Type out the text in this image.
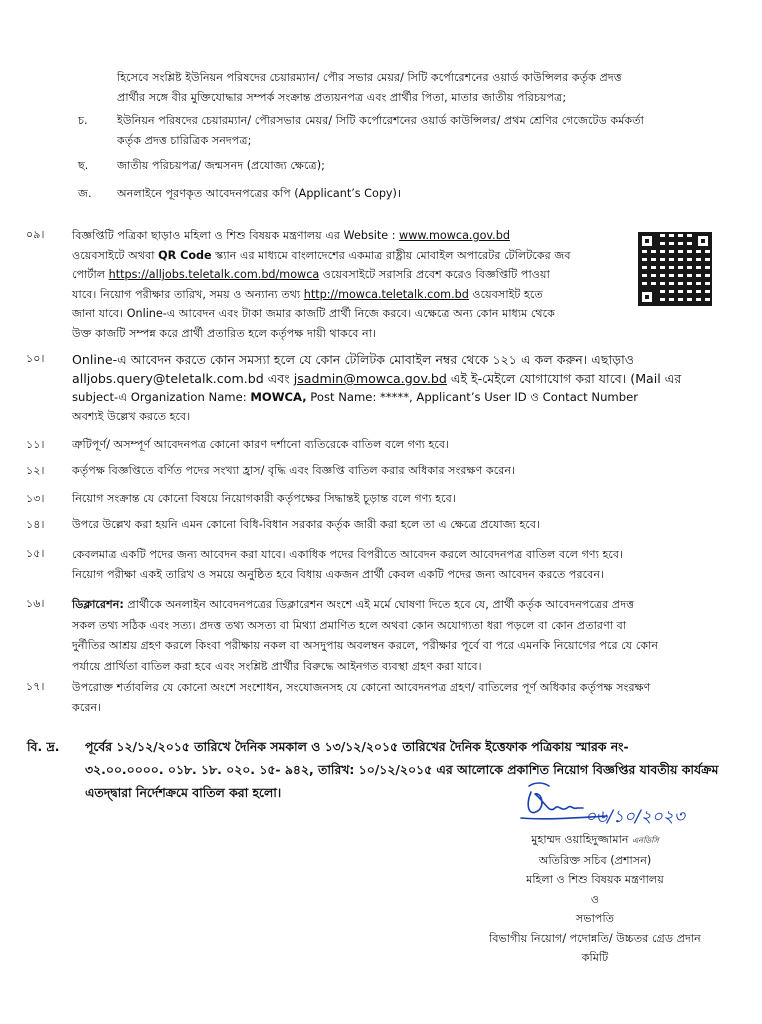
হিসেবে সংশ্লিষ্ট ইউনিয়ন পরিষদের চেয়ারম্যান/ পৌর সভার মেয়র/ সিটি কর্পোরেশনের ওয়ার্ড কাউন্সিলর কর্তৃক প্রদত্ত
প্রার্থীর সঙ্গে বীর মুক্তিযোদ্ধার সম্পর্ক সংক্রান্ত প্রত্যয়নপত্র এবং প্রার্থীর পিতা, মাতার জাতীয় পরিচয়পত্র;
চ.	ইউনিয়ন পরিষদের চেয়ারম্যান/ পৌরসভার মেয়র/ সিটি কর্পোরেশনের ওয়ার্ড কাউন্সিলর/ প্রথম শ্রেণির গেজেটেড কর্মকর্তা
কর্তৃক প্রদত্ত চারিত্রিক সনদপত্র;
ছ.	জাতীয় পরিচয়পত্র/ জন্মসনদ (প্রযোজ্য ক্ষেত্রে);
জ.	অনলাইনে পূরণকৃত আবেদনপত্রের কপি (Applicant’s Copy)।
০৯।	বিজ্ঞপ্তিটি পত্রিকা ছাড়াও মহিলা ও শিশু বিষয়ক মন্ত্রণালয় এর Website : www.mowca.gov.bd
ওয়েবসাইটে অথবা QR Code স্ক্যান এর মাধ্যমে বাংলাদেশের একমাত্র রাষ্ট্রীয় মোবাইল অপারেটর টেলিটকের জব
পোর্টাল https://alljobs.teletalk.com.bd/mowca ওয়েবসাইটে সরাসরি প্রবেশ করেও বিজ্ঞপ্তিটি পাওয়া
যাবে। নিয়োগ পরীক্ষার তারিখ, সময় ও অন্যান্য তথ্য http://mowca.teletalk.com.bd ওয়েবসাইট হতে
জানা যাবে। Online-এ আবেদন এবং টাকা জমার কাজটি প্রার্থী নিজে করবে। এক্ষেত্রে অন্য কোন মাধ্যম থেকে
উক্ত কাজটি সম্পন্ন করে প্রার্থী প্রতারিত হলে কর্তৃপক্ষ দায়ী থাকবে না।
১০।	Online-এ আবেদন করতে কোন সমস্যা হলে যে কোন টেলিটক মোবাইল নম্বর থেকে ১২১ এ কল করুন। এছাড়াও
alljobs.query@teletalk.com.bd এবং jsadmin@mowca.gov.bd এই ই-মেইলে যোগাযোগ করা যাবে। (Mail এর
subject-এ Organization Name: MOWCA, Post Name: *****, Applicant’s User ID ও Contact Number
অবশ্যই উল্লেখ করতে হবে।
১১।	ত্রুটিপূর্ণ/ অসম্পূর্ণ আবেদনপত্র কোনো কারণ দর্শানো ব্যতিরেকে বাতিল বলে গণ্য হবে।
১২।	কর্তৃপক্ষ বিজ্ঞপ্তিতে বর্ণিত পদের সংখ্যা হ্রাস/ বৃদ্ধি এবং বিজ্ঞপ্তি বাতিল করার অধিকার সংরক্ষণ করেন।
১৩।	নিয়োগ সংক্রান্ত যে কোনো বিষয়ে নিয়োগকারী কর্তৃপক্ষের সিদ্ধান্তই চূড়ান্ত বলে গণ্য হবে।
১৪।	উপরে উল্লেখ করা হয়নি এমন কোনো বিধি-বিধান সরকার কর্তৃক জারী করা হলে তা এ ক্ষেত্রে প্রযোজ্য হবে।
১৫।	কেবলমাত্র একটি পদের জন্য আবেদন করা যাবে। একাধিক পদের বিপরীতে আবেদন করলে আবেদনপত্র বাতিল বলে গণ্য হবে।
নিয়োগ পরীক্ষা একই তারিখ ও সময়ে অনুষ্ঠিত হবে বিধায় একজন প্রার্থী কেবল একটি পদের জন্য আবেদন করতে পরবেন।
১৬।	ডিক্লারেশন: প্রার্থীকে অনলাইন আবেদনপত্রের ডিক্লারেশন অংশে এই মর্মে ঘোষণা দিতে হবে যে, প্রার্থী কর্তৃক আবেদনপত্রের প্রদত্ত
সকল তথ্য সঠিক এবং সত্য। প্রদত্ত তথ্য অসত্য বা মিথ্যা প্রমাণিত হলে অথবা কোন অযোগ্যতা ধরা পড়লে বা কোন প্রতারণা বা
দুর্নীতির আশ্রয় গ্রহণ করলে কিংবা পরীক্ষায় নকল বা অসদুপায় অবলম্বন করলে, পরীক্ষার পূর্বে বা পরে এমনকি নিয়োগের পরে যে কোন
পর্যায়ে প্রার্থিতা বাতিল করা হবে এবং সংশ্লিষ্ট প্রার্থীর বিরুদ্ধে আইনগত ব্যবস্থা গ্রহণ করা যাবে।
১৭।	উপরোক্ত শর্তাবলির যে কোনো অংশে সংশোধন, সংযোজনসহ যে কোনো আবেদনপত্র গ্রহণ/ বাতিলের পূর্ণ অধিকার কর্তৃপক্ষ সংরক্ষণ
করেন।
বি. দ্র.	পূর্বের ১২/১২/২০১৫ তারিখে দৈনিক সমকাল ও ১৩/১২/২০১৫ তারিখের দৈনিক ইত্তেফাক পত্রিকায় স্মারক নং-
৩২.০০.০০০০. ০১৮. ১৮. ০২০. ১৫- ৯৪২, তারিখ: ১০/১২/২০১৫ এর আলোকে প্রকাশিত নিয়োগ বিজ্ঞপ্তির যাবতীয় কার্যক্রম
এতদ্দ্বারা নির্দেশক্রমে বাতিল করা হলো।
০৬/১০/২০২৩
মুহাম্মদ ওয়াহিদুজ্জামান এনডিসি
অতিরিক্ত সচিব (প্রশাসন)
মহিলা ও শিশু বিষয়ক মন্ত্রণালয়
ও
সভাপতি
বিভাগীয় নিয়োগ/ পদোন্নতি/ উচ্চতর গ্রেড প্রদান
কমিটি
